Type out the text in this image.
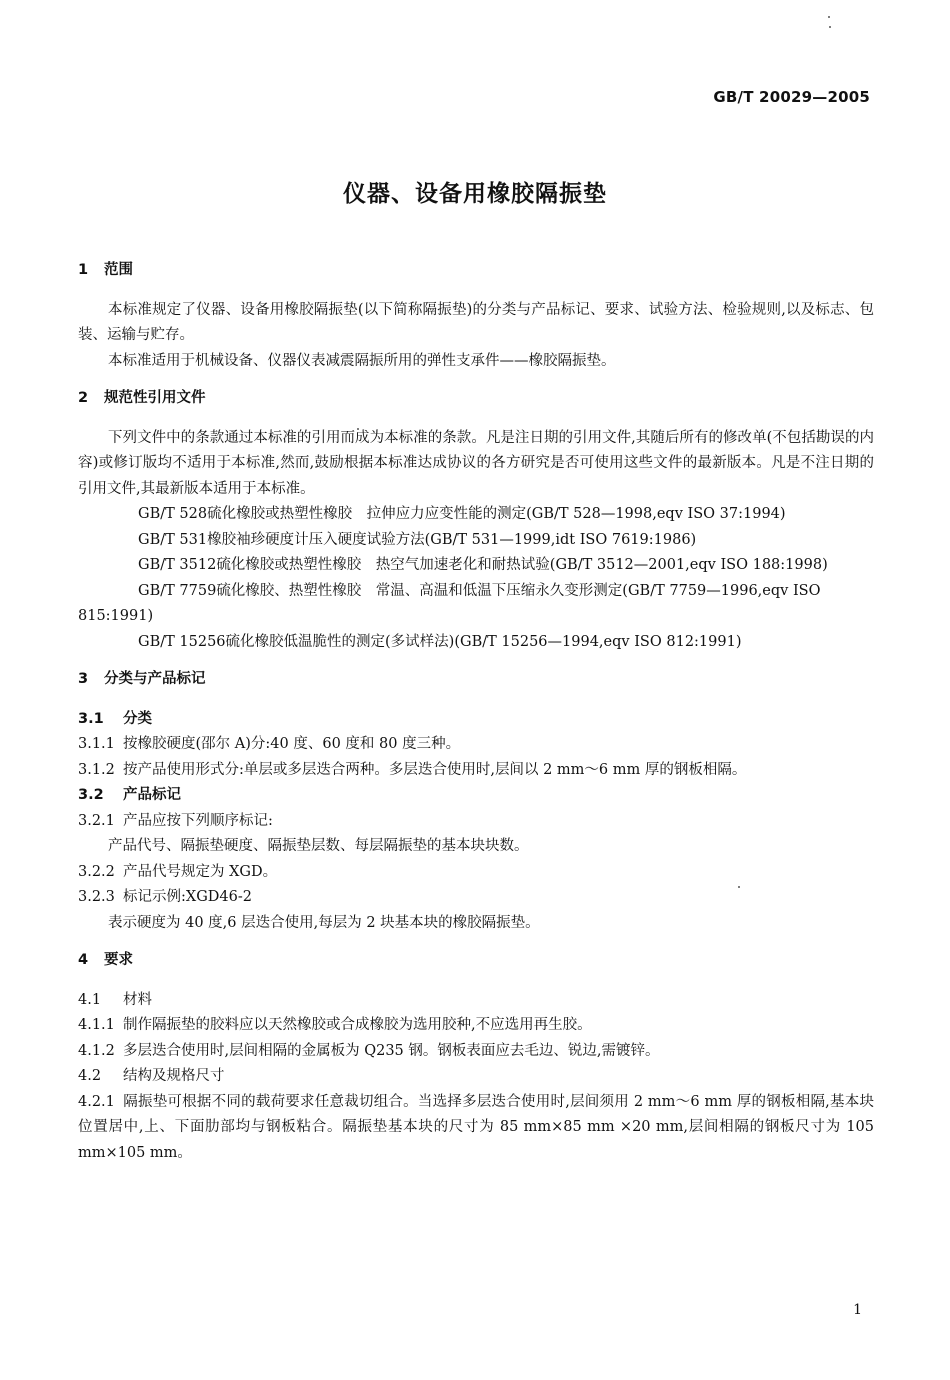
GB/T 20029—2005
仪器、设备用橡胶隔振垫
1 范围

本标准规定了仪器、设备用橡胶隔振垫(以下简称隔振垫)的分类与产品标记、要求、试验方法、检验规则,以及标志、包装、运输与贮存。

本标准适用于机械设备、仪器仪表减震隔振所用的弹性支承件——橡胶隔振垫。

2 规范性引用文件

下列文件中的条款通过本标准的引用而成为本标准的条款。凡是注日期的引用文件,其随后所有的修改单(不包括勘误的内容)或修订版均不适用于本标准,然而,鼓励根据本标准达成协议的各方研究是否可使用这些文件的最新版本。凡是不注日期的引用文件,其最新版本适用于本标准。

GB/T 528硫化橡胶或热塑性橡胶　拉伸应力应变性能的测定(GB/T 528—1998,eqv ISO 37:1994)

GB/T 531橡胶袖珍硬度计压入硬度试验方法(GB/T 531—1999,idt ISO 7619:1986)

GB/T 3512硫化橡胶或热塑性橡胶　热空气加速老化和耐热试验(GB/T 3512—2001,eqv ISO 188:1998)

GB/T 7759硫化橡胶、热塑性橡胶　常温、高温和低温下压缩永久变形测定(GB/T 7759—1996,eqv ISO 815:1991)

GB/T 15256硫化橡胶低温脆性的测定(多试样法)(GB/T 15256—1994,eqv ISO 812:1991)

3 分类与产品标记
3.1 分类

3.1.1 按橡胶硬度(邵尔 A)分:40 度、60 度和 80 度三种。

3.1.2 按产品使用形式分:单层或多层迭合两种。多层迭合使用时,层间以 2 mm～6 mm 厚的钢板相隔。

3.2 产品标记

3.2.1 产品应按下列顺序标记:

产品代号、隔振垫硬度、隔振垫层数、每层隔振垫的基本块块数。

3.2.2 产品代号规定为 XGD。

3.2.3 标记示例:XGD46-2

表示硬度为 40 度,6 层迭合使用,每层为 2 块基本块的橡胶隔振垫。

4 要求

4.1 材料

4.1.1 制作隔振垫的胶料应以天然橡胶或合成橡胶为选用胶种,不应选用再生胶。

4.1.2 多层迭合使用时,层间相隔的金属板为 Q235 钢。钢板表面应去毛边、锐边,需镀锌。

4.2 结构及规格尺寸

4.2.1 隔振垫可根据不同的载荷要求任意裁切组合。当选择多层迭合使用时,层间须用 2 mm～6 mm 厚的钢板相隔,基本块位置居中,上、下面肋部均与钢板粘合。隔振垫基本块的尺寸为 85 mm×85 mm ×20 mm,层间相隔的钢板尺寸为 105 mm×105 mm。

1
